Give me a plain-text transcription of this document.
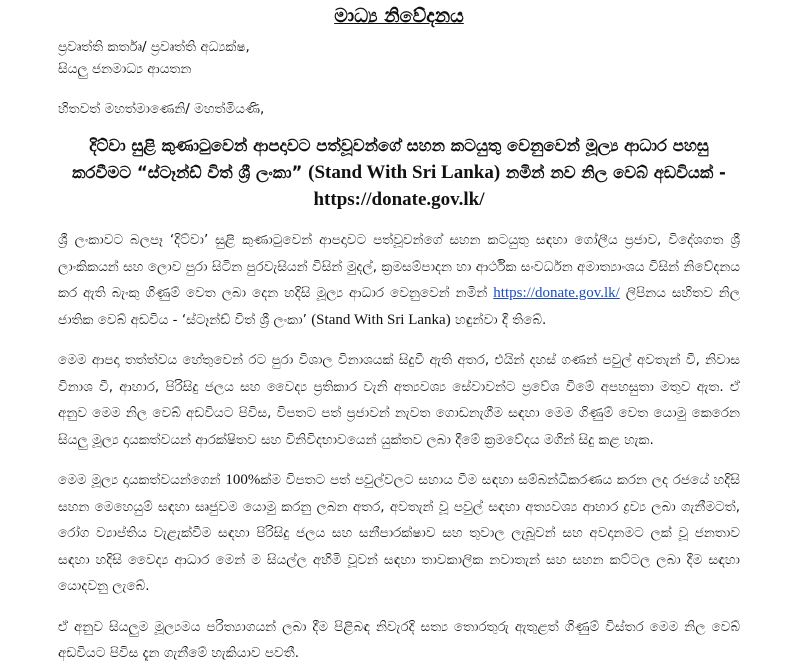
මාධ්‍ය නිවේදනය
ප්‍රවෘත්ති කර්තෘ/ ප්‍රවෘත්ති අධ්‍යක්ෂ,
සියලු ජනමාධ්‍ය ආයතන
හිතවත් මහත්මාණෙනි/ මහත්මියණි,
දිට්වා සුළි කුණාටුවෙන් ආපදාවට පත්වූවන්ගේ සහන කටයුතු වෙනුවෙන් මූල්‍ය ආධාර පහසු කරවීමට “ස්ටෑන්ඩ් විත් ශ්‍රී ලංකා” (Stand With Sri Lanka) නමින් නව නිල වෙබ් අඩවියක් - https://donate.gov.lk/

ශ්‍රී ලංකාවට බලපෑ ‘දිට්වා’ සුළි කුණාටුවෙන් ආපදාවට පත්වූවන්ගේ සහන කටයුතු සඳහා ගෝලීය ප්‍රජාව, විදේශගත ශ්‍රී ලාංකිකයන් සහ ලොව පුරා සිටින පුරවැසියන් විසින් මුදල්, ක්‍රමසම්පාදන හා ආර්ථික සංවර්ධන අමාත්‍යාංශය විසින් නිවේදනය කර ඇති බැංකු ගිණුම් වෙත ලබා දෙන හදිසි මූල්‍ය ආධාර වෙනුවෙන් නමින් https://donate.gov.lk/ ලිපිනය සහිතව නිල ජාතික වෙබ් අඩවිය - ‘ස්ටෑන්ඩ් විත් ශ්‍රී ලංකා’ (Stand With Sri Lanka) හඳුන්වා දී තිබේ.

මෙම ආපදා තත්ත්වය හේතුවෙන් රට පුරා විශාල විනාශයක් සිදුවී ඇති අතර, එයින් දහස් ගණන් පවුල් අවතැන් වී, නිවාස විනාශ වී, ආහාර, පිරිසිදු ජලය සහ වෛද්‍ය ප්‍රතිකාර වැනි අත්‍යවශ්‍ය සේවාවන්ට ප්‍රවේශ වීමේ අපහසුතා මතුව ඇත. ඒ අනුව මෙම නිල වෙබ් අඩවියට පිවිස, විපතට පත් ප්‍රජාවන් නැවත ගොඩනැගීම සඳහා මෙම ගිණුම් වෙත යොමු කෙරෙන සියලු මූල්‍ය දායකත්වයන් ආරක්ෂිතව සහ විනිවිදභාවයෙන් යුක්තව ලබා දීමේ ක්‍රමවේදය මගින් සිදු කළ හැක.

මෙම මූල්‍ය දායකත්වයන්ගෙන් 100%ක්ම විපතට පත් පවුල්වලට සහාය වීම සඳහා සම්බන්ධීකරණය කරන ලද රජයේ හදිසි සහන මෙහෙයුම් සඳහා සෘජුවම යොමු කරනු ලබන අතර, අවතැන් වූ පවුල් සඳහා අත්‍යවශ්‍ය ආහාර ද්‍රව්‍ය ලබා ගැනීමටත්, රෝග ව්‍යාප්තිය වැළැක්වීම සඳහා පිරිසිදු ජලය සහ සනීපාරක්ෂාව සහ තුවාල ලැබූවන් සහ අවදානමට ලක් වූ ජනතාව සඳහා හදිසි වෛද්‍ය ආධාර මෙන් ම සියල්ල අහිමි වූවන් සඳහා තාවකාලික නවාතැන් සහ සහන කට්ටල ලබා දීම සඳහා යොදවනු ලැබේ.

ඒ අනුව සියලුම මූල්‍යමය පරිත්‍යාගයන් ලබා දීම පිළිබඳ නිවැරදි සත්‍ය තොරතුරු ඇතුළත් ගිණුම් විස්තර මෙම නිල වෙබ් අඩවියට පිවිස දැන ගැනීමේ හැකියාව පවතී.
